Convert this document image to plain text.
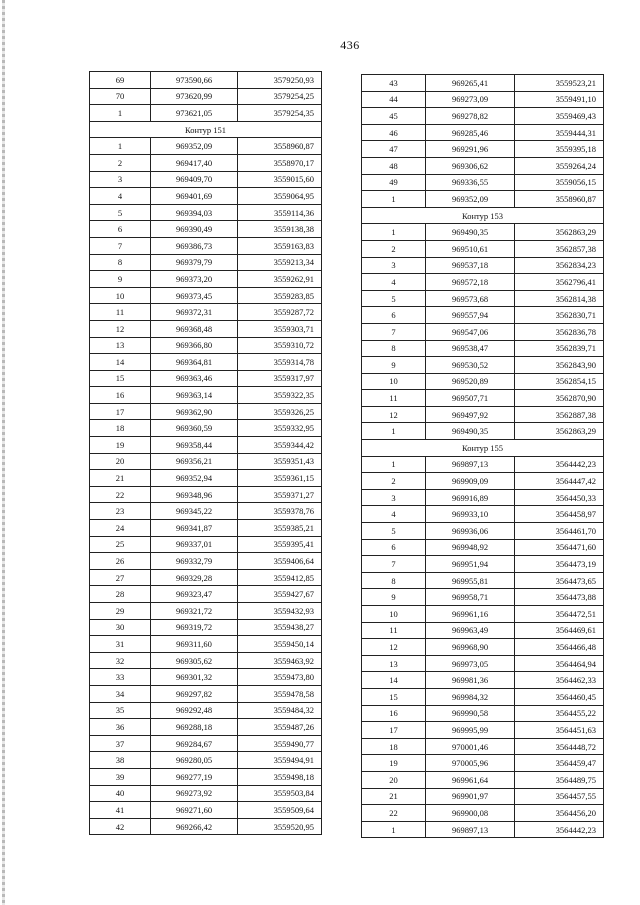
436
69	973590,66	3579250,93
70	973620,99	3579254,25
1	973621,05	3579254,35
Контур 151		
1	969352,09	3558960,87
2	969417,40	3558970,17
3	969409,70	3559015,60
4	969401,69	3559064,95
5	969394,03	3559114,36
6	969390,49	3559138,38
7	969386,73	3559163,83
8	969379,79	3559213,34
9	969373,20	3559262,91
10	969373,45	3559283,85
11	969372,31	3559287,72
12	969368,48	3559303,71
13	969366,80	3559310,72
14	969364,81	3559314,78
15	969363,46	3559317,97
16	969363,14	3559322,35
17	969362,90	3559326,25
18	969360,59	3559332,95
19	969358,44	3559344,42
20	969356,21	3559351,43
21	969352,94	3559361,15
22	969348,96	3559371,27
23	969345,22	3559378,76
24	969341,87	3559385,21
25	969337,01	3559395,41
26	969332,79	3559406,64
27	969329,28	3559412,85
28	969323,47	3559427,67
29	969321,72	3559432,93
30	969319,72	3559438,27
31	969311,60	3559450,14
32	969305,62	3559463,92
33	969301,32	3559473,80
34	969297,82	3559478,58
35	969292,48	3559484,32
36	969288,18	3559487,26
37	969284,67	3559490,77
38	969280,05	3559494,91
39	969277,19	3559498,18
40	969273,92	3559503,84
41	969271,60	3559509,64
42	969266,42	3559520,95
43	969265,41	3559523,21
44	969273,09	3559491,10
45	969278,82	3559469,43
46	969285,46	3559444,31
47	969291,96	3559395,18
48	969306,62	3559264,24
49	969336,55	3559056,15
1	969352,09	3558960,87
Контур 153		
1	969490,35	3562863,29
2	969510,61	3562857,38
3	969537,18	3562834,23
4	969572,18	3562796,41
5	969573,68	3562814,38
6	969557,94	3562830,71
7	969547,06	3562836,78
8	969538,47	3562839,71
9	969530,52	3562843,90
10	969520,89	3562854,15
11	969507,71	3562870,90
12	969497,92	3562887,38
1	969490,35	3562863,29
Контур 155		
1	969897,13	3564442,23
2	969909,09	3564447,42
3	969916,89	3564450,33
4	969933,10	3564458,97
5	969936,06	3564461,70
6	969948,92	3564471,60
7	969951,94	3564473,19
8	969955,81	3564473,65
9	969958,71	3564473,88
10	969961,16	3564472,51
11	969963,49	3564469,61
12	969968,90	3564466,48
13	969973,05	3564464,94
14	969981,36	3564462,33
15	969984,32	3564460,45
16	969990,58	3564455,22
17	969995,99	3564451,63
18	970001,46	3564448,72
19	970005,96	3564459,47
20	969961,64	3564489,75
21	969901,97	3564457,55
22	969900,08	3564456,20
1	969897,13	3564442,23
